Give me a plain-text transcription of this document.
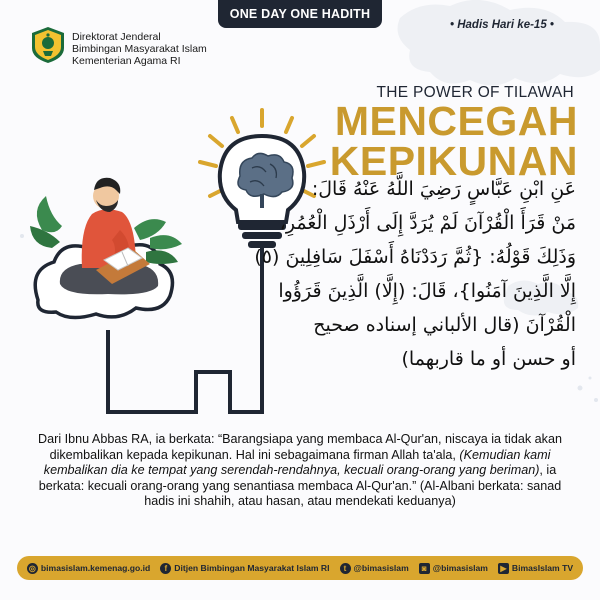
ONE DAY ONE HADITH
Direktorat Jenderal
Bimbingan Masyarakat Islam
Kementerian Agama RI
• Hadis Hari ke-15 •
THE POWER OF TILAWAH
MENCEGAH
KEPIKUNAN
عَنِ ابْنِ عَبَّاسٍ رَضِيَ اللَّهُ عَنْهُ قَالَ:
مَنْ قَرَأَ الْقُرْآنَ لَمْ يُرَدَّ إِلَى أَرْذَلِ الْعُمُرِ،
وَذَلِكَ قَوْلُهُ: {ثُمَّ رَدَدْنَاهُ أَسْفَلَ سَافِلِينَ (٥)
إِلَّا الَّذِينَ آمَنُوا}، قَالَ: (إِلَّا) الَّذِينَ قَرَؤُوا
الْقُرْآنَ (قال الألباني إسناده صحيح
أو حسن أو ما قاربهما)
Dari Ibnu Abbas RA, ia berkata: “Barangsiapa yang membaca Al-Qur'an, niscaya ia tidak akan dikembalikan kepada kepikunan. Hal ini sebagaimana firman Allah ta'ala, (Kemudian kami kembalikan dia ke tempat yang serendah-rendahnya, kecuali orang-orang yang beriman), ia berkata: kecuali orang-orang yang senantiasa membaca Al-Qur'an.” (Al-Albani berkata: sanad hadis ini shahih, atau hasan, atau mendekati keduanya)
◎ bimasislam.kemenag.go.id	f Ditjen Bimbingan Masyarakat Islam RI	t @bimasislam	◙ @bimasislam	▶ BimasIslam TV
